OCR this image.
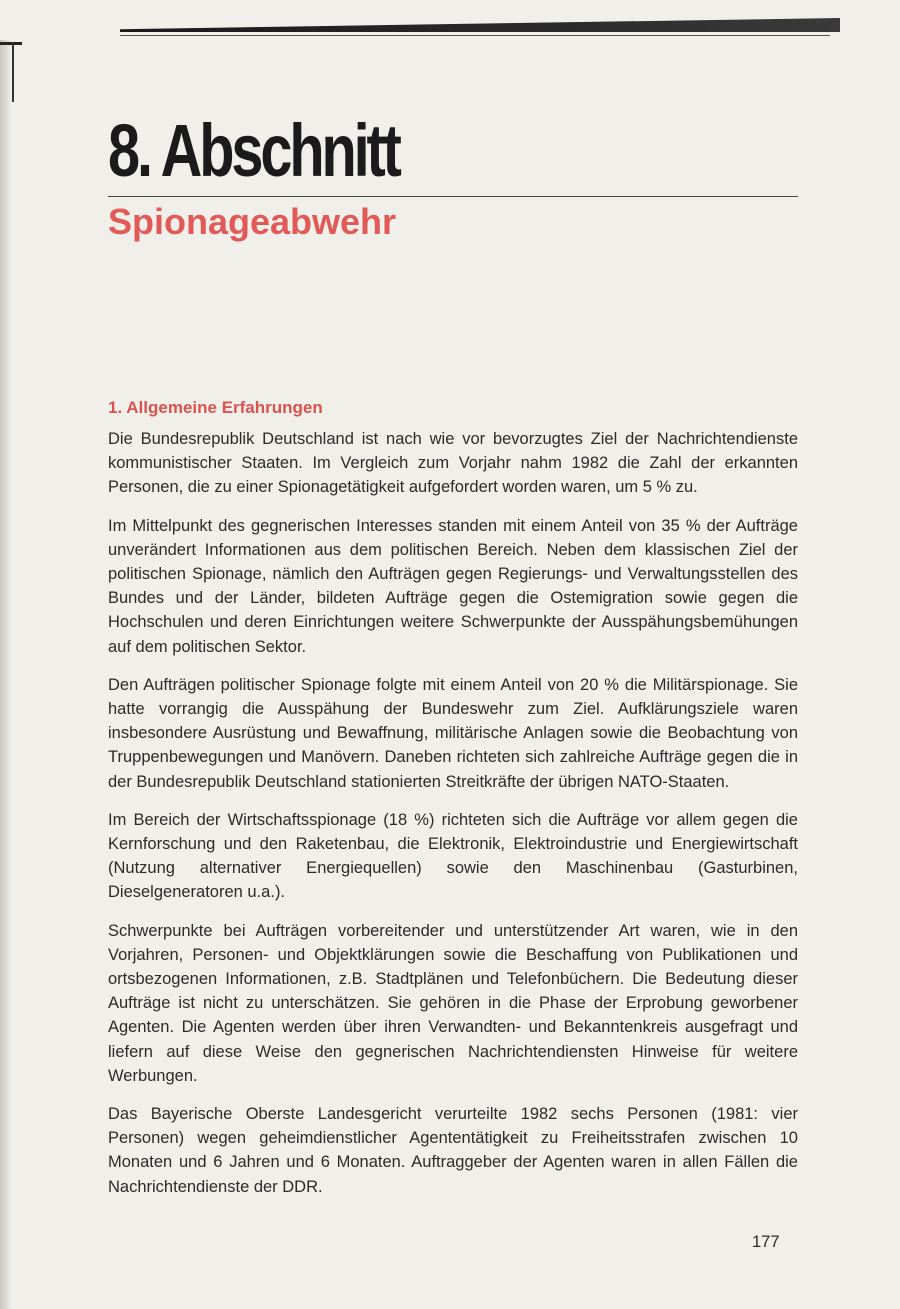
8. Abschnitt
Spionageabwehr
1. Allgemeine Erfahrungen

Die Bundesrepublik Deutschland ist nach wie vor bevorzugtes Ziel der Nachrichtendienste kommunistischer Staaten. Im Vergleich zum Vorjahr nahm 1982 die Zahl der erkannten Personen, die zu einer Spionagetätigkeit aufgefordert worden waren, um 5 % zu.

Im Mittelpunkt des gegnerischen Interesses standen mit einem Anteil von 35 % der Aufträge unverändert Informationen aus dem politischen Bereich. Neben dem klassischen Ziel der politischen Spionage, nämlich den Aufträgen gegen Regierungs- und Verwaltungsstellen des Bundes und der Länder, bildeten Aufträge gegen die Ostemigration sowie gegen die Hochschulen und deren Einrichtungen weitere Schwerpunkte der Ausspähungsbemühungen auf dem politischen Sektor.

Den Aufträgen politischer Spionage folgte mit einem Anteil von 20 % die Militärspionage. Sie hatte vorrangig die Ausspähung der Bundeswehr zum Ziel. Aufklärungsziele waren insbesondere Ausrüstung und Bewaffnung, militärische Anlagen sowie die Beobachtung von Truppenbewegungen und Manövern. Daneben richteten sich zahlreiche Aufträge gegen die in der Bundesrepublik Deutschland stationierten Streitkräfte der übrigen NATO-Staaten.

Im Bereich der Wirtschaftsspionage (18 %) richteten sich die Aufträge vor allem gegen die Kernforschung und den Raketenbau, die Elektronik, Elektroindustrie und Energiewirtschaft (Nutzung alternativer Energiequellen) sowie den Maschinenbau (Gasturbinen, Dieselgeneratoren u.a.).

Schwerpunkte bei Aufträgen vorbereitender und unterstützender Art waren, wie in den Vorjahren, Personen- und Objektklärungen sowie die Beschaffung von Publikationen und ortsbezogenen Informationen, z.B. Stadtplänen und Telefonbüchern. Die Bedeutung dieser Aufträge ist nicht zu unterschätzen. Sie gehören in die Phase der Erprobung geworbener Agenten. Die Agenten werden über ihren Verwandten- und Bekanntenkreis ausgefragt und liefern auf diese Weise den gegnerischen Nachrichtendiensten Hinweise für weitere Werbungen.

Das Bayerische Oberste Landesgericht verurteilte 1982 sechs Personen (1981: vier Personen) wegen geheimdienstlicher Agententätigkeit zu Freiheitsstrafen zwischen 10 Monaten und 6 Jahren und 6 Monaten. Auftraggeber der Agenten waren in allen Fällen die Nachrichtendienste der DDR.

177
